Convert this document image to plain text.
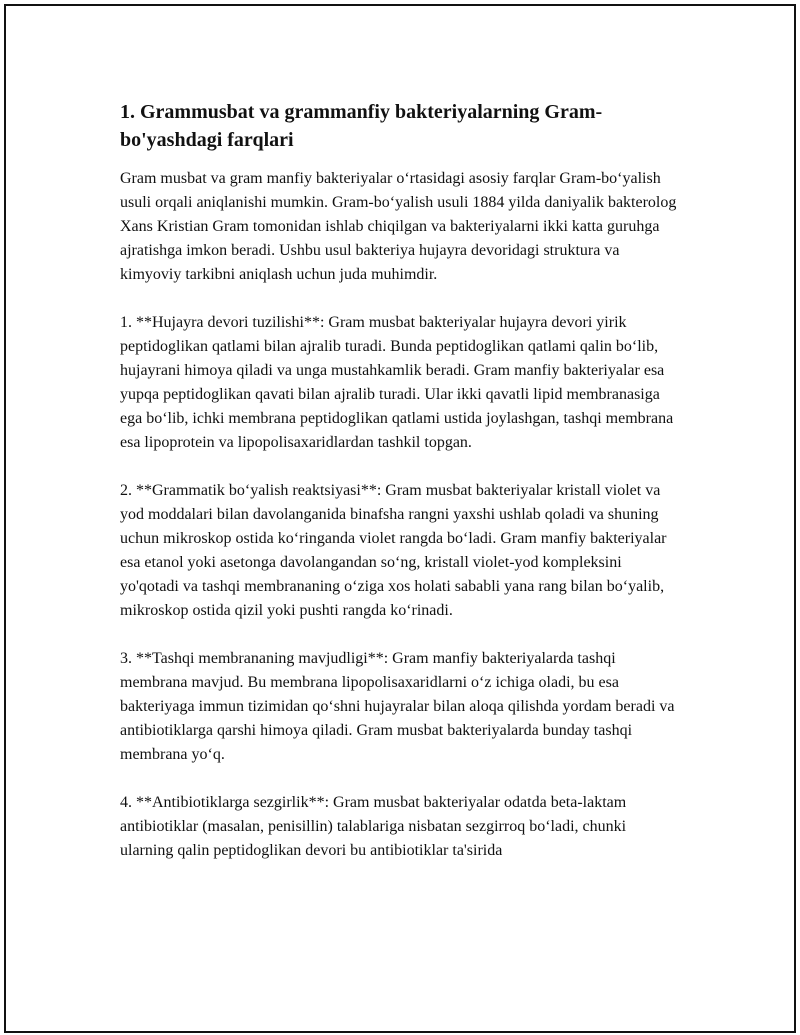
1. Grammusbat va grammanfiy bakteriyalarning Gram-bo'yashdagi farqlari

Gram musbat va gram manfiy bakteriyalar o‘rtasidagi asosiy farqlar Gram-bo‘yalish usuli orqali aniqlanishi mumkin. Gram-bo‘yalish usuli 1884 yilda daniyalik bakterolog Xans Kristian Gram tomonidan ishlab chiqilgan va bakteriyalarni ikki katta guruhga ajratishga imkon beradi. Ushbu usul bakteriya hujayra devoridagi struktura va kimyoviy tarkibni aniqlash uchun juda muhimdir.

1. **Hujayra devori tuzilishi**: Gram musbat bakteriyalar hujayra devori yirik peptidoglikan qatlami bilan ajralib turadi. Bunda peptidoglikan qatlami qalin bo‘lib, hujayrani himoya qiladi va unga mustahkamlik beradi. Gram manfiy bakteriyalar esa yupqa peptidoglikan qavati bilan ajralib turadi. Ular ikki qavatli lipid membranasiga ega bo‘lib, ichki membrana peptidoglikan qatlami ustida joylashgan, tashqi membrana esa lipoprotein va lipopolisaxaridlardan tashkil topgan.

2. **Grammatik bo‘yalish reaktsiyasi**: Gram musbat bakteriyalar kristall violet va yod moddalari bilan davolanganida binafsha rangni yaxshi ushlab qoladi va shuning uchun mikroskop ostida ko‘ringanda violet rangda bo‘ladi. Gram manfiy bakteriyalar esa etanol yoki asetonga davolangandan so‘ng, kristall violet-yod kompleksini yo'qotadi va tashqi membrananing o‘ziga xos holati sababli yana rang bilan bo‘yalib, mikroskop ostida qizil yoki pushti rangda ko‘rinadi.

3. **Tashqi membrananing mavjudligi**: Gram manfiy bakteriyalarda tashqi membrana mavjud. Bu membrana lipopolisaxaridlarni o‘z ichiga oladi, bu esa bakteriyaga immun tizimidan qo‘shni hujayralar bilan aloqa qilishda yordam beradi va antibiotiklarga qarshi himoya qiladi. Gram musbat bakteriyalarda bunday tashqi membrana yo‘q.

4. **Antibiotiklarga sezgirlik**: Gram musbat bakteriyalar odatda beta-laktam antibiotiklar (masalan, penisillin) talablariga nisbatan sezgirroq bo‘ladi, chunki ularning qalin peptidoglikan devori bu antibiotiklar ta'sirida
